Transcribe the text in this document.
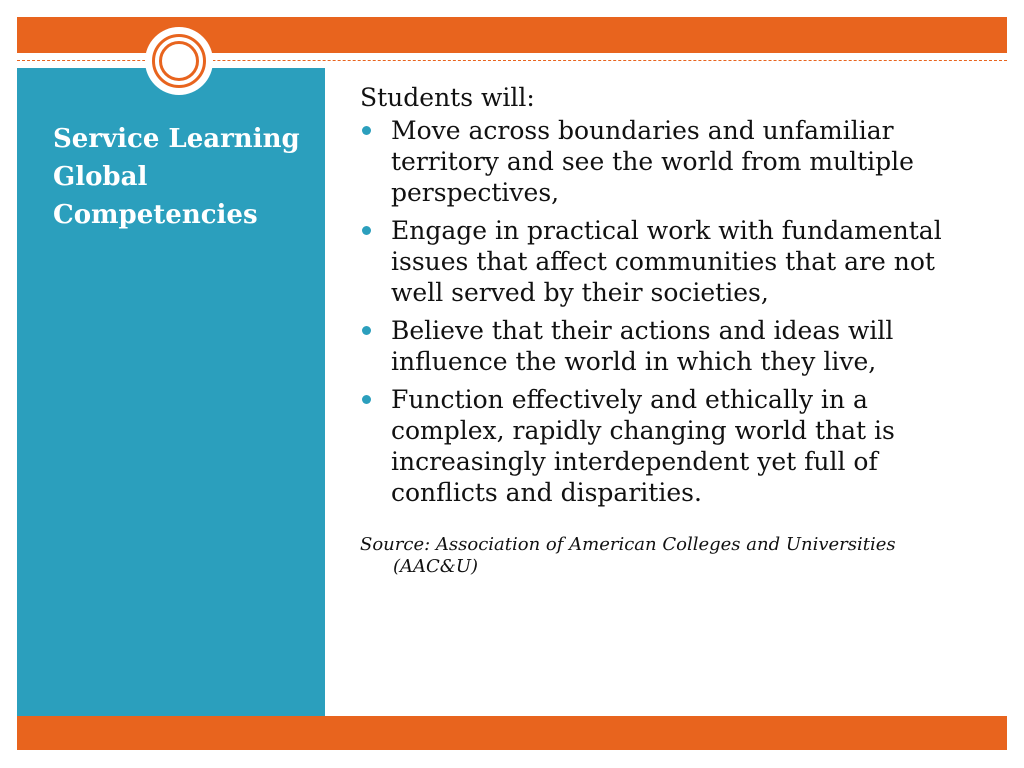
Service Learning Global Competencies

Students will:

Move across boundaries and unfamiliar territory and see the world from multiple perspectives,
Engage in practical work with fundamental issues that affect communities that are not well served by their societies,
Believe that their actions and ideas will influence the world in which they live,
Function effectively and ethically in a complex, rapidly changing world that is increasingly interdependent yet full of conflicts and disparities.

Source: Association of American Colleges and Universities (AAC&U)
